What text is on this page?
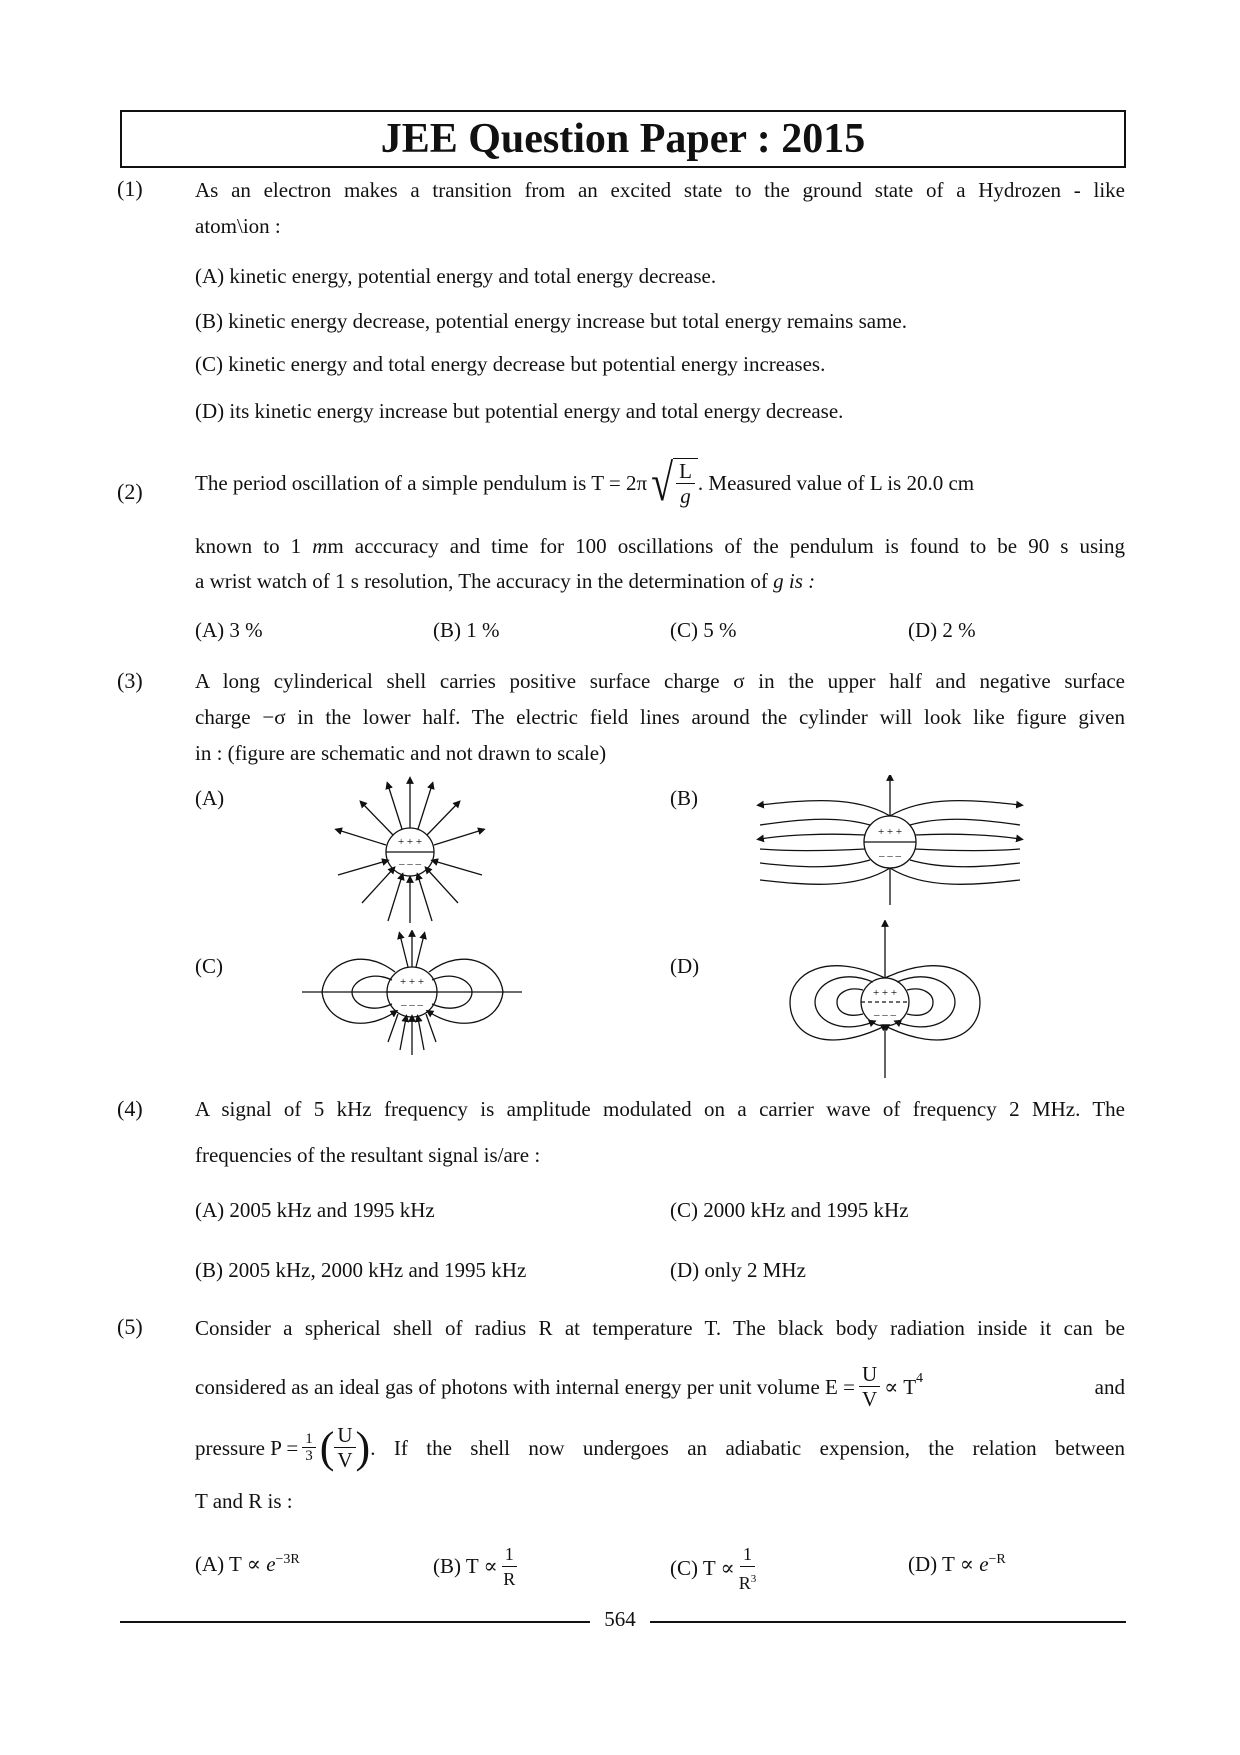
JEE Question Paper : 2015
(1) As an electron makes a transition from an excited state to the ground state of a Hydrozen - like
atom\ion :
(A) kinetic energy, potential energy and total energy decrease.
(B) kinetic energy decrease, potential energy increase but total energy remains same.
(C) kinetic energy and total energy decrease but potential energy increases.
(D) its kinetic energy increase but potential energy and total energy decrease.
(2) The period oscillation of a simple pendulum is T = 2π √ $\frac{L}{g}$ . Measured value of L is 20.0 cm
known to 1 mm acccuracy and time for 100 oscillations of the pendulum is found to be 90 s using
a wrist watch of 1 s resolution, The accuracy in the determination of g is :
(A) 3 %	(B) 1 %	(C) 5 %	(D) 2 %
(3) A long cylinderical shell carries positive surface charge σ in the upper half and negative surface
charge −σ in the lower half. The electric field lines around the cylinder will look like figure given
in : (figure are schematic and not drawn to scale)
(A)	(B)
(C)	(D)
+ + +
– – –
+ + +
– – –
+ + +
– – –
+ + +
– – –
(4) A signal of 5 kHz frequency is amplitude modulated on a carrier wave of frequency 2 MHz. The
frequencies of the resultant signal is/are :
(A) 2005 kHz and 1995 kHz	(C) 2000 kHz and 1995 kHz
(B) 2005 kHz, 2000 kHz and 1995 kHz	(D) only 2 MHz
(5) Consider a spherical shell of radius R at temperature T. The black body radiation inside it can be
considered as an ideal gas of photons with internal energy per unit volume $E = \frac{U}{V} \propto T^4$	and
pressure $P = \frac{1}{3}$ ( $\frac{U}{V}$ ) . If the shell now undergoes an adiabatic expension, the relation between
T and R is :
(A) $T \propto e^{-3R}$	(B) $T \propto \frac{1}{R}$	(C) $T \propto \frac{1}{R^3}$	(D) $T \propto e^{-R}$
564
